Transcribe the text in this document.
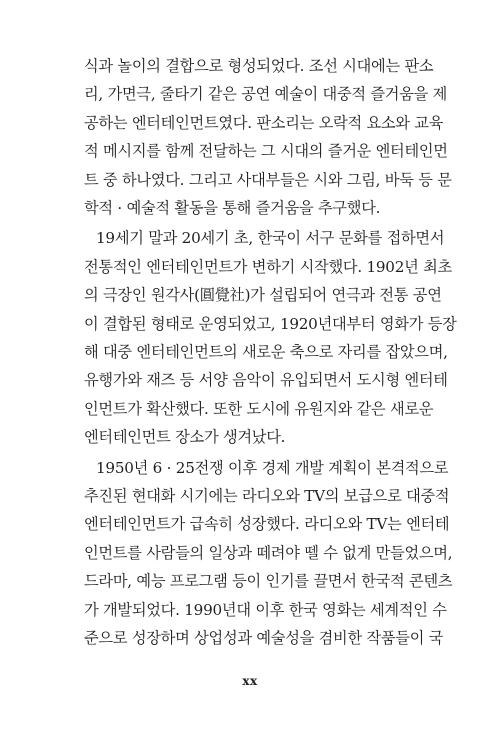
식과 놀이의 결합으로 형성되었다. 조선 시대에는 판소
리, 가면극, 줄타기 같은 공연 예술이 대중적 즐거움을 제
공하는 엔터테인먼트였다. 판소리는 오락적 요소와 교육
적 메시지를 함께 전달하는 그 시대의 즐거운 엔터테인먼
트 중 하나였다. 그리고 사대부들은 시와 그림, 바둑 등 문
학적 · 예술적 활동을 통해 즐거움을 추구했다.
19세기 말과 20세기 초, 한국이 서구 문화를 접하면서
전통적인 엔터테인먼트가 변하기 시작했다. 1902년 최초
의 극장인 원각사(圓覺社)가 설립되어 연극과 전통 공연
이 결합된 형태로 운영되었고, 1920년대부터 영화가 등장
해 대중 엔터테인먼트의 새로운 축으로 자리를 잡았으며,
유행가와 재즈 등 서양 음악이 유입되면서 도시형 엔터테
인먼트가 확산했다. 또한 도시에 유원지와 같은 새로운
엔터테인먼트 장소가 생겨났다.
1950년 6 · 25전쟁 이후 경제 개발 계획이 본격적으로
추진된 현대화 시기에는 라디오와 TV의 보급으로 대중적
엔터테인먼트가 급속히 성장했다. 라디오와 TV는 엔터테
인먼트를 사람들의 일상과 떼려야 뗄 수 없게 만들었으며,
드라마, 예능 프로그램 등이 인기를 끌면서 한국적 콘텐츠
가 개발되었다. 1990년대 이후 한국 영화는 세계적인 수
준으로 성장하며 상업성과 예술성을 겸비한 작품들이 국
xx
